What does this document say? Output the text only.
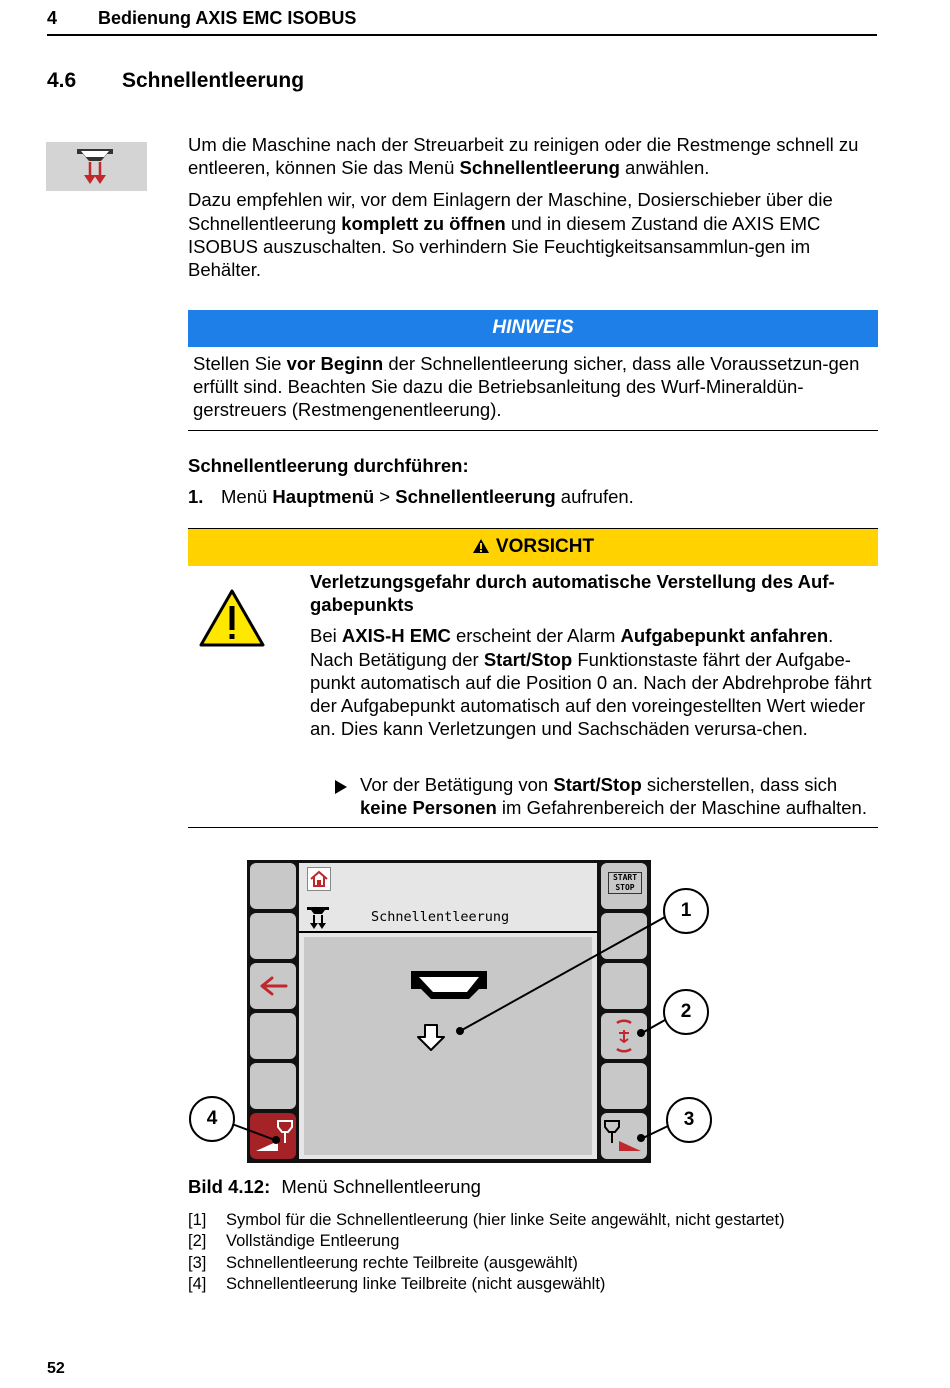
4 Bedienung AXIS EMC ISOBUS
4.6 Schnellentleerung

Um die Maschine nach der Streuarbeit zu reinigen oder die Restmenge schnell zu entleeren, können Sie das Menü Schnellentleerung anwählen.

Dazu empfehlen wir, vor dem Einlagern der Maschine, Dosierschieber über die Schnellentleerung komplett zu öffnen und in diesem Zustand die AXIS EMC ISOBUS auszuschalten. So verhindern Sie Feuchtigkeitsansammlun-gen im Behälter.

HINWEIS
Stellen Sie vor Beginn der Schnellentleerung sicher, dass alle Voraussetzun-gen erfüllt sind. Beachten Sie dazu die Betriebsanleitung des Wurf-Mineraldün-gerstreuers (Restmengenentleerung).
Schnellentleerung durchführen:
1. Menü Hauptmenü > Schnellentleerung aufrufen.
VORSICHT

Verletzungsgefahr durch automatische Verstellung des Auf-gabepunkts

Bei AXIS-H EMC erscheint der Alarm Aufgabepunkt anfahren. Nach Betätigung der Start/Stop Funktionstaste fährt der Aufgabe-punkt automatisch auf die Position 0 an. Nach der Abdrehprobe fährt der Aufgabepunkt automatisch auf den voreingestellten Wert wieder an. Dies kann Verletzungen und Sachschäden verursa-chen.

Vor der Betätigung von Start/Stop sicherstellen, dass sich keine Personen im Gefahrenbereich der Maschine aufhalten.
START
STOP
Schnellentleerung	1
2
3
4
Bild 4.12: Menü Schnellentleerung
[1] Symbol für die Schnellentleerung (hier linke Seite angewählt, nicht gestartet)
[2] Vollständige Entleerung
[3] Schnellentleerung rechte Teilbreite (ausgewählt)
[4] Schnellentleerung linke Teilbreite (nicht ausgewählt)
52
